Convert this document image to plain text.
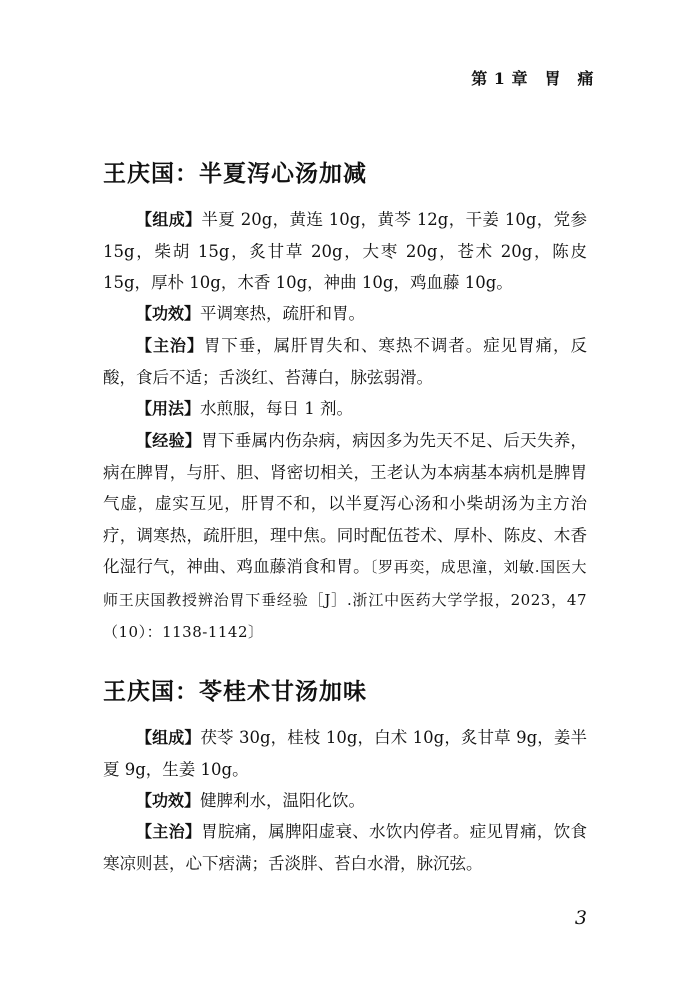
第 1 章　胃　痛
王庆国：半夏泻心汤加减
【组成】半夏 20g，黄连 10g，黄芩 12g，干姜 10g，党参 15g，柴胡 15g，炙甘草 20g，大枣 20g，苍术 20g，陈皮 15g，厚朴 10g，木香 10g，神曲 10g，鸡血藤 10g。
【功效】平调寒热，疏肝和胃。
【主治】胃下垂，属肝胃失和、寒热不调者。症见胃痛，反酸，食后不适；舌淡红、苔薄白，脉弦弱滑。
【用法】水煎服，每日 1 剂。
【经验】胃下垂属内伤杂病，病因多为先天不足、后天失养，病在脾胃，与肝、胆、肾密切相关，王老认为本病基本病机是脾胃气虚，虚实互见，肝胃不和，以半夏泻心汤和小柴胡汤为主方治疗，调寒热，疏肝胆，理中焦。同时配伍苍术、厚朴、陈皮、木香化湿行气，神曲、鸡血藤消食和胃。〔罗再奕，成思潼，刘敏.国医大师王庆国教授辨治胃下垂经验［J］.浙江中医药大学学报，2023，47（10）：1138-1142〕
王庆国：苓桂术甘汤加味
【组成】茯苓 30g，桂枝 10g，白术 10g，炙甘草 9g，姜半夏 9g，生姜 10g。
【功效】健脾利水，温阳化饮。
【主治】胃脘痛，属脾阳虚衰、水饮内停者。症见胃痛，饮食寒凉则甚，心下痞满；舌淡胖、苔白水滑，脉沉弦。
3
